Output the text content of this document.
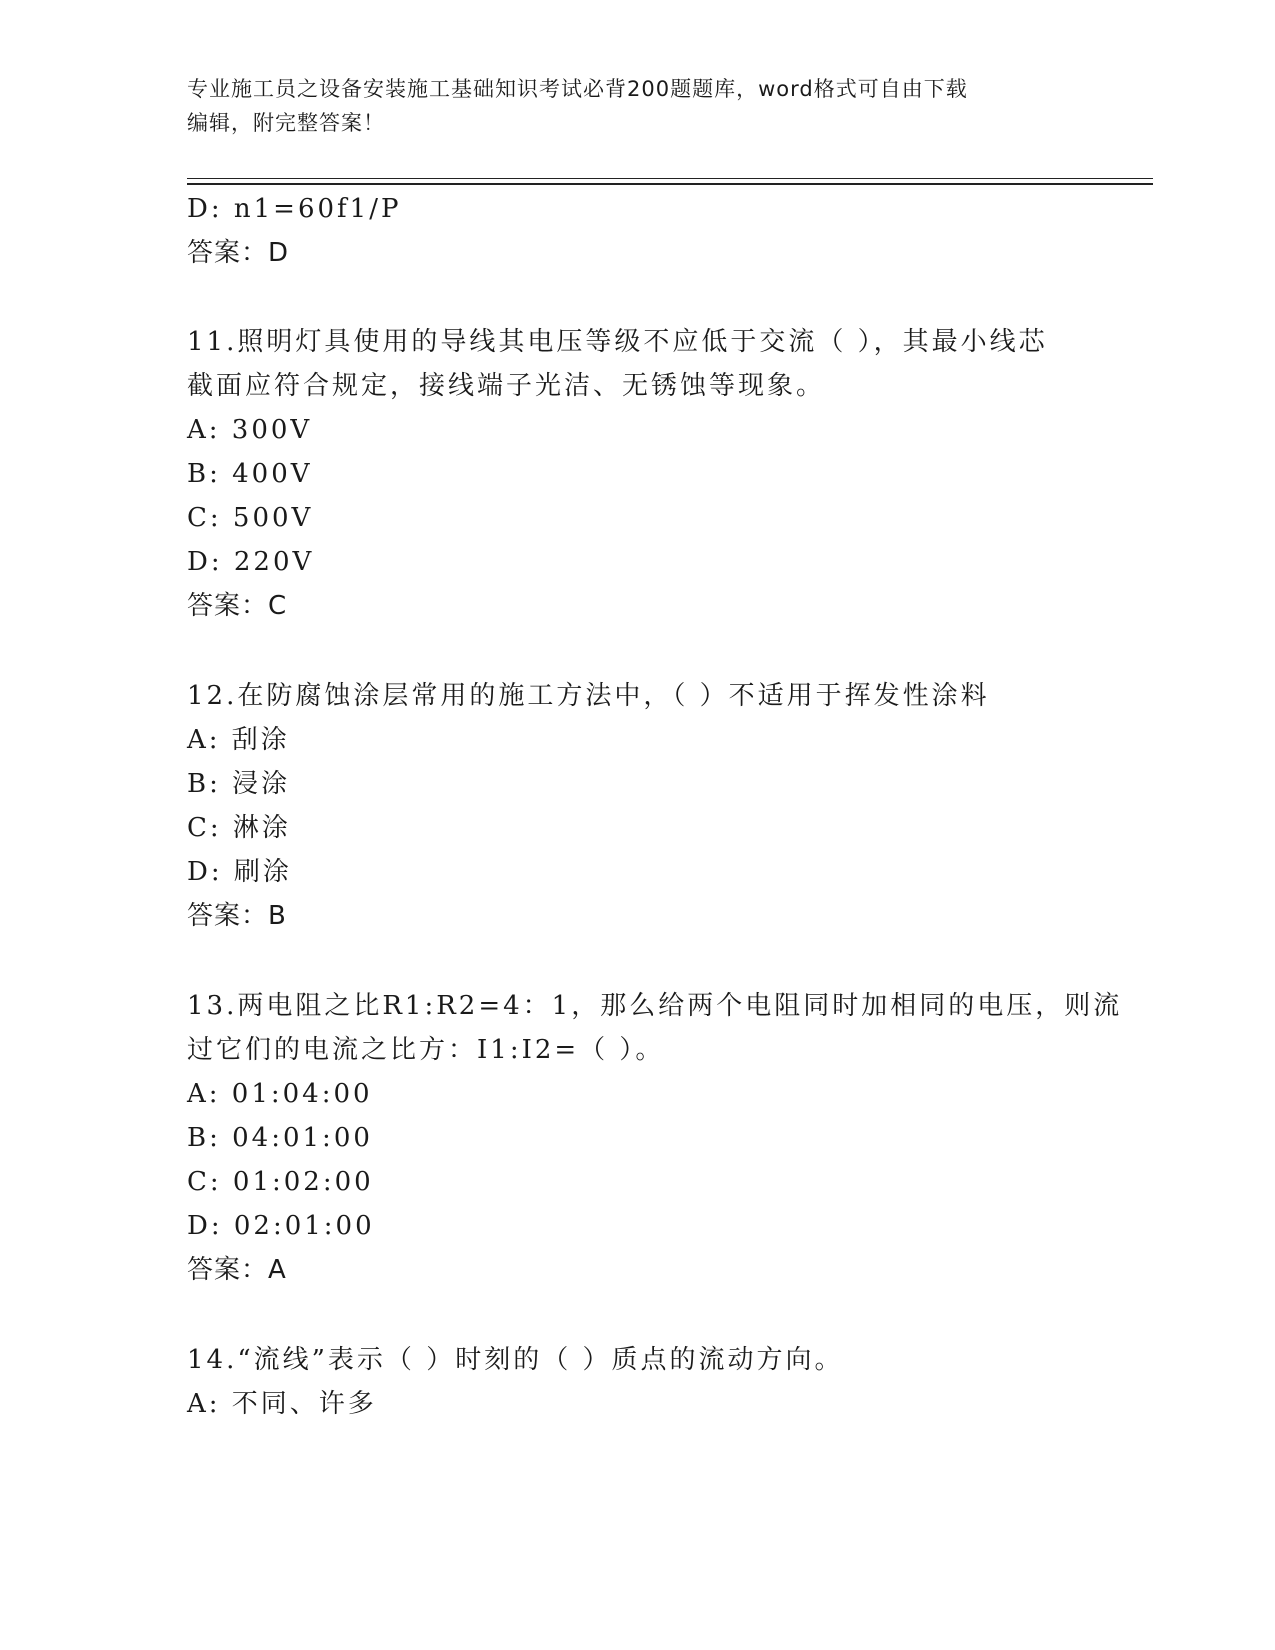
专业施工员之设备安装施工基础知识考试必背200题题库，word格式可自由下载
编辑，附完整答案！
D: n1=60f1/P
答案：D
11.照明灯具使用的导线其电压等级不应低于交流（ ），其最小线芯
截面应符合规定，接线端子光洁、无锈蚀等现象。
A: 300V
B: 400V
C: 500V
D: 220V
答案：C
12.在防腐蚀涂层常用的施工方法中，（ ）不适用于挥发性涂料
A: 刮涂
B: 浸涂
C: 淋涂
D: 刷涂
答案：B
13.两电阻之比R1:R2=4：1，那么给两个电阻同时加相同的电压，则流
过它们的电流之比方：I1:I2=（ ）。
A: 01:04:00
B: 04:01:00
C: 01:02:00
D: 02:01:00
答案：A
14.“流线”表示（ ）时刻的（ ）质点的流动方向。
A: 不同、许多
